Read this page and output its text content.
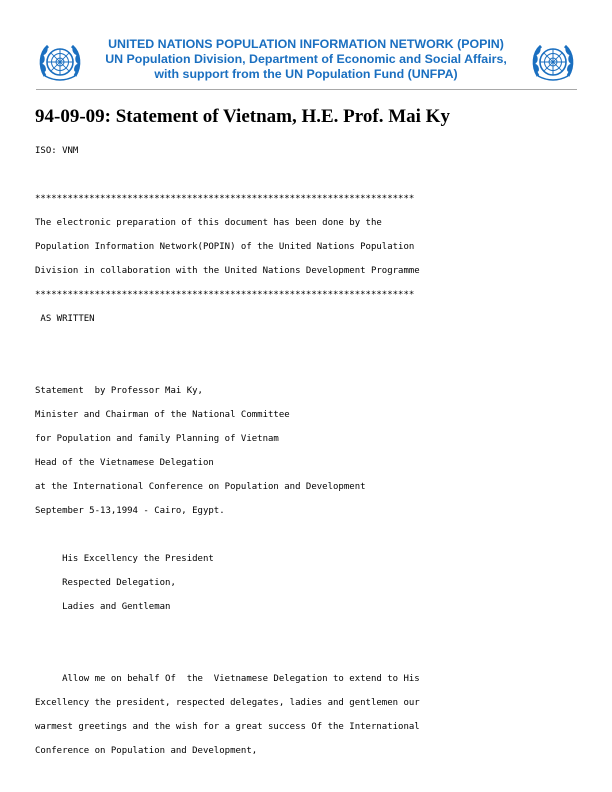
UNITED NATIONS POPULATION INFORMATION NETWORK (POPIN)
UN Population Division, Department of Economic and Social Affairs,
with support from the UN Population Fund (UNFPA)
94-09-09: Statement of Vietnam, H.E. Prof. Mai Ky
ISO: VNM
**********************************************************************
The electronic preparation of this document has been done by the
Population Information Network(POPIN) of the United Nations Population
Division in collaboration with the United Nations Development Programme
**********************************************************************
AS WRITTEN
Statement  by Professor Mai Ky,
Minister and Chairman of the National Committee
for Population and family Planning of Vietnam
Head of the Vietnamese Delegation
at the International Conference on Population and Development
September 5-13,1994 - Cairo, Egypt.
His Excellency the President
Respected Delegation,
Ladies and Gentleman
Allow me on behalf Of  the  Vietnamese Delegation to extend to His
Excellency the president, respected delegates, ladies and gentlemen our
warmest greetings and the wish for a great success Of the International
Conference on Population and Development,
